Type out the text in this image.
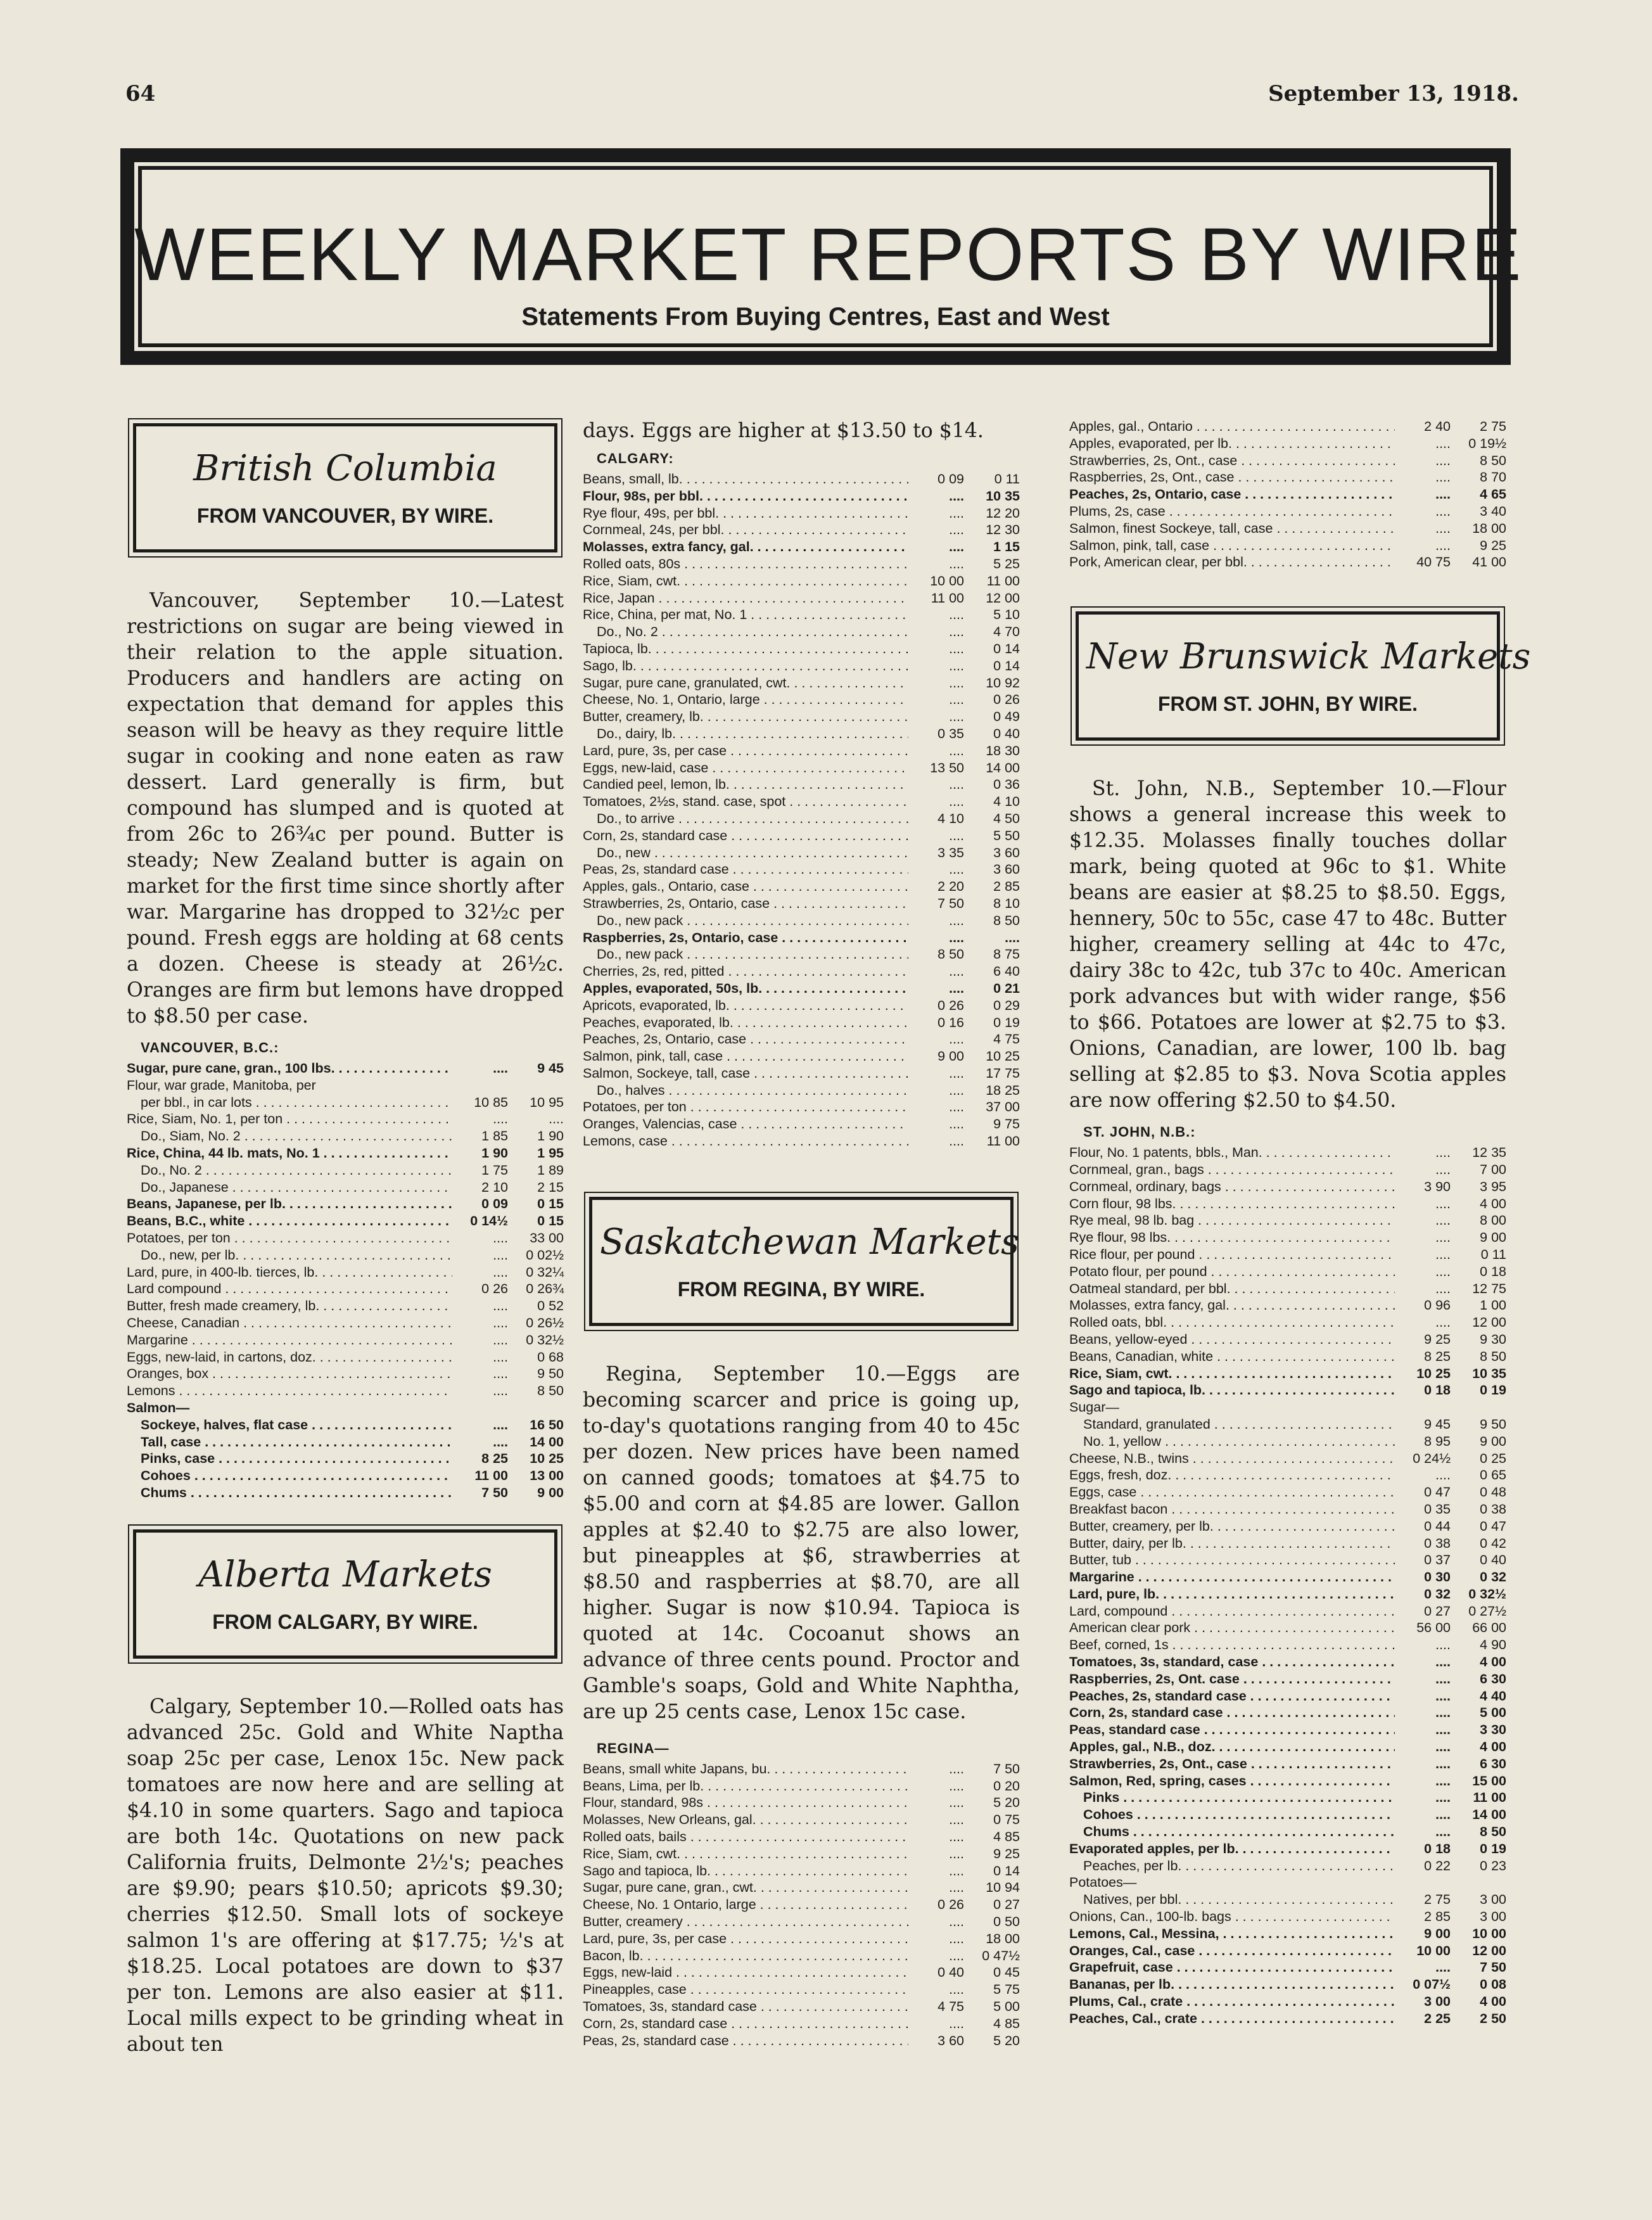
64	September 13, 1918.
WEEKLY MARKET REPORTS BY WIRE
Statements From Buying Centres, East and West
British Columbia
FROM VANCOUVER, BY WIRE.

Vancouver, September 10.—Latest restrictions on sugar are being viewed in their relation to the apple situation. Producers and handlers are acting on expectation that demand for apples this season will be heavy as they require little sugar in cooking and none eaten as raw dessert. Lard generally is firm, but compound has slumped and is quoted at from 26c to 26¾c per pound. Butter is steady; New Zealand butter is again on market for the first time since shortly after war. Margarine has dropped to 32½c per pound. Fresh eggs are holding at 68 cents a dozen. Cheese is steady at 26½c. Oranges are firm but lemons have dropped to $8.50 per case.

VANCOUVER, B.C.:
Sugar, pure cane, gran., 100 lbs. . . .	....	9 45
Flour, war grade, Manitoba, per
per bbl., in car lots . . .	10 85	10 95
Rice, Siam, No. 1, per ton . . .	....	....
Do., Siam, No. 2 . . .	1 85	1 90
Rice, China, 44 lb. mats, No. 1 . . .	1 90	1 95
Do., No. 2 . . .	1 75	1 89
Do., Japanese . . .	2 10	2 15
Beans, Japanese, per lb. . . .	0 09	0 15
Beans, B.C., white . . .	0 14½	0 15
Potatoes, per ton . . .	....	33 00
Do., new, per lb. . . .	....	0 02½
Lard, pure, in 400-lb. tierces, lb. . . .	....	0 32¼
Lard compound . . .	0 26	0 26¾
Butter, fresh made creamery, lb. . . .	....	0 52
Cheese, Canadian . . .	....	0 26½
Margarine . . .	....	0 32½
Eggs, new-laid, in cartons, doz. . . .	....	0 68
Oranges, box . . .	....	9 50
Lemons . . .	....	8 50
Salmon—
Sockeye, halves, flat case . . .	....	16 50
Tall, case . . .	....	14 00
Pinks, case . . .	8 25	10 25
Cohoes . . .	11 00	13 00
Chums . . .	7 50	9 00
Alberta Markets
FROM CALGARY, BY WIRE.

Calgary, September 10.—Rolled oats has advanced 25c. Gold and White Naptha soap 25c per case, Lenox 15c. New pack tomatoes are now here and are selling at $4.10 in some quarters. Sago and tapioca are both 14c. Quotations on new pack California fruits, Delmonte 2½'s; peaches are $9.90; pears $10.50; apricots $9.30; cherries $12.50. Small lots of sockeye salmon 1's are offering at $17.75; ½'s at $18.25. Local potatoes are down to $37 per ton. Lemons are also easier at $11. Local mills expect to be grinding wheat in about ten

days. Eggs are higher at $13.50 to $14.

CALGARY:
Beans, small, lb. . . .	0 09	0 11
Flour, 98s, per bbl. . . .	....	10 35
Rye flour, 49s, per bbl. . . .	....	12 20
Cornmeal, 24s, per bbl. . . .	....	12 30
Molasses, extra fancy, gal. . . .	....	1 15
Rolled oats, 80s . . .	....	5 25
Rice, Siam, cwt. . . .	10 00	11 00
Rice, Japan . . .	11 00	12 00
Rice, China, per mat, No. 1 . . .	....	5 10
Do., No. 2 . . .	....	4 70
Tapioca, lb. . . .	....	0 14
Sago, lb. . . .	....	0 14
Sugar, pure cane, granulated, cwt. . . .	....	10 92
Cheese, No. 1, Ontario, large . . .	....	0 26
Butter, creamery, lb. . . .	....	0 49
Do., dairy, lb. . . .	0 35	0 40
Lard, pure, 3s, per case . . .	....	18 30
Eggs, new-laid, case . . .	13 50	14 00
Candied peel, lemon, lb. . . .	....	0 36
Tomatoes, 2½s, stand. case, spot . . .	....	4 10
Do., to arrive . . .	4 10	4 50
Corn, 2s, standard case . . .	....	5 50
Do., new . . .	3 35	3 60
Peas, 2s, standard case . . .	....	3 60
Apples, gals., Ontario, case . . .	2 20	2 85
Strawberries, 2s, Ontario, case . . .	7 50	8 10
Do., new pack . . .	....	8 50
Raspberries, 2s, Ontario, case . . .	....	....
Do., new pack . . .	8 50	8 75
Cherries, 2s, red, pitted . . .	....	6 40
Apples, evaporated, 50s, lb. . . .	....	0 21
Apricots, evaporated, lb. . . .	0 26	0 29
Peaches, evaporated, lb. . . .	0 16	0 19
Peaches, 2s, Ontario, case . . .	....	4 75
Salmon, pink, tall, case . . .	9 00	10 25
Salmon, Sockeye, tall, case . . .	....	17 75
Do., halves . . .	....	18 25
Potatoes, per ton . . .	....	37 00
Oranges, Valencias, case . . .	....	9 75
Lemons, case . . .	....	11 00
Saskatchewan Markets
FROM REGINA, BY WIRE.

Regina, September 10.—Eggs are becoming scarcer and price is going up, to-day's quotations ranging from 40 to 45c per dozen. New prices have been named on canned goods; tomatoes at $4.75 to $5.00 and corn at $4.85 are lower. Gallon apples at $2.40 to $2.75 are also lower, but pineapples at $6, strawberries at $8.50 and raspberries at $8.70, are all higher. Sugar is now $10.94. Tapioca is quoted at 14c. Cocoanut shows an advance of three cents pound. Proctor and Gamble's soaps, Gold and White Naphtha, are up 25 cents case, Lenox 15c case.

REGINA—
Beans, small white Japans, bu. . . .	....	7 50
Beans, Lima, per lb. . . .	....	0 20
Flour, standard, 98s . . .	....	5 20
Molasses, New Orleans, gal. . . .	....	0 75
Rolled oats, bails . . .	....	4 85
Rice, Siam, cwt. . . .	....	9 25
Sago and tapioca, lb. . . .	....	0 14
Sugar, pure cane, gran., cwt. . . .	....	10 94
Cheese, No. 1 Ontario, large . . .	0 26	0 27
Butter, creamery . . .	....	0 50
Lard, pure, 3s, per case . . .	....	18 00
Bacon, lb. . . .	....	0 47½
Eggs, new-laid . . .	0 40	0 45
Pineapples, case . . .	....	5 75
Tomatoes, 3s, standard case . . .	4 75	5 00
Corn, 2s, standard case . . .	....	4 85
Peas, 2s, standard case . . .	3 60	5 20
Apples, gal., Ontario . . .	2 40	2 75
Apples, evaporated, per lb. . . .	....	0 19½
Strawberries, 2s, Ont., case . . .	....	8 50
Raspberries, 2s, Ont., case . . .	....	8 70
Peaches, 2s, Ontario, case . . .	....	4 65
Plums, 2s, case . . .	....	3 40
Salmon, finest Sockeye, tall, case . . .	....	18 00
Salmon, pink, tall, case . . .	....	9 25
Pork, American clear, per bbl. . . .	40 75	41 00
New Brunswick Markets
FROM ST. JOHN, BY WIRE.

St. John, N.B., September 10.—Flour shows a general increase this week to $12.35. Molasses finally touches dollar mark, being quoted at 96c to $1. White beans are easier at $8.25 to $8.50. Eggs, hennery, 50c to 55c, case 47 to 48c. Butter higher, creamery selling at 44c to 47c, dairy 38c to 42c, tub 37c to 40c. American pork advances but with wider range, $56 to $66. Potatoes are lower at $2.75 to $3. Onions, Canadian, are lower, 100 lb. bag selling at $2.85 to $3. Nova Scotia apples are now offering $2.50 to $4.50.

ST. JOHN, N.B.:
Flour, No. 1 patents, bbls., Man. . . .	....	12 35
Cornmeal, gran., bags . . .	....	7 00
Cornmeal, ordinary, bags . . .	3 90	3 95
Corn flour, 98 lbs. . . .	....	4 00
Rye meal, 98 lb. bag . . .	....	8 00
Rye flour, 98 lbs. . . .	....	9 00
Rice flour, per pound . . .	....	0 11
Potato flour, per pound . . .	....	0 18
Oatmeal standard, per bbl. . . .	....	12 75
Molasses, extra fancy, gal. . . .	0 96	1 00
Rolled oats, bbl. . . .	....	12 00
Beans, yellow-eyed . . .	9 25	9 30
Beans, Canadian, white . . .	8 25	8 50
Rice, Siam, cwt. . . .	10 25	10 35
Sago and tapioca, lb. . . .	0 18	0 19
Sugar—
Standard, granulated . . .	9 45	9 50
No. 1, yellow . . .	8 95	9 00
Cheese, N.B., twins . . .	0 24½	0 25
Eggs, fresh, doz. . . .	....	0 65
Eggs, case . . .	0 47	0 48
Breakfast bacon . . .	0 35	0 38
Butter, creamery, per lb. . . .	0 44	0 47
Butter, dairy, per lb. . . .	0 38	0 42
Butter, tub . . .	0 37	0 40
Margarine . . .	0 30	0 32
Lard, pure, lb. . . .	0 32	0 32½
Lard, compound . . .	0 27	0 27½
American clear pork . . .	56 00	66 00
Beef, corned, 1s . . .	....	4 90
Tomatoes, 3s, standard, case . . .	....	4 00
Raspberries, 2s, Ont. case . . .	....	6 30
Peaches, 2s, standard case . . .	....	4 40
Corn, 2s, standard case . . .	....	5 00
Peas, standard case . . .	....	3 30
Apples, gal., N.B., doz. . . .	....	4 00
Strawberries, 2s, Ont., case . . .	....	6 30
Salmon, Red, spring, cases . . .	....	15 00
Pinks . . .	....	11 00
Cohoes . . .	....	14 00
Chums . . .	....	8 50
Evaporated apples, per lb. . . .	0 18	0 19
Peaches, per lb. . . .	0 22	0 23
Potatoes—
Natives, per bbl. . . .	2 75	3 00
Onions, Can., 100-lb. bags . . .	2 85	3 00
Lemons, Cal., Messina, . . .	9 00	10 00
Oranges, Cal., case . . .	10 00	12 00
Grapefruit, case . . .	....	7 50
Bananas, per lb. . . .	0 07½	0 08
Plums, Cal., crate . . .	3 00	4 00
Peaches, Cal., crate . . .	2 25	2 50
